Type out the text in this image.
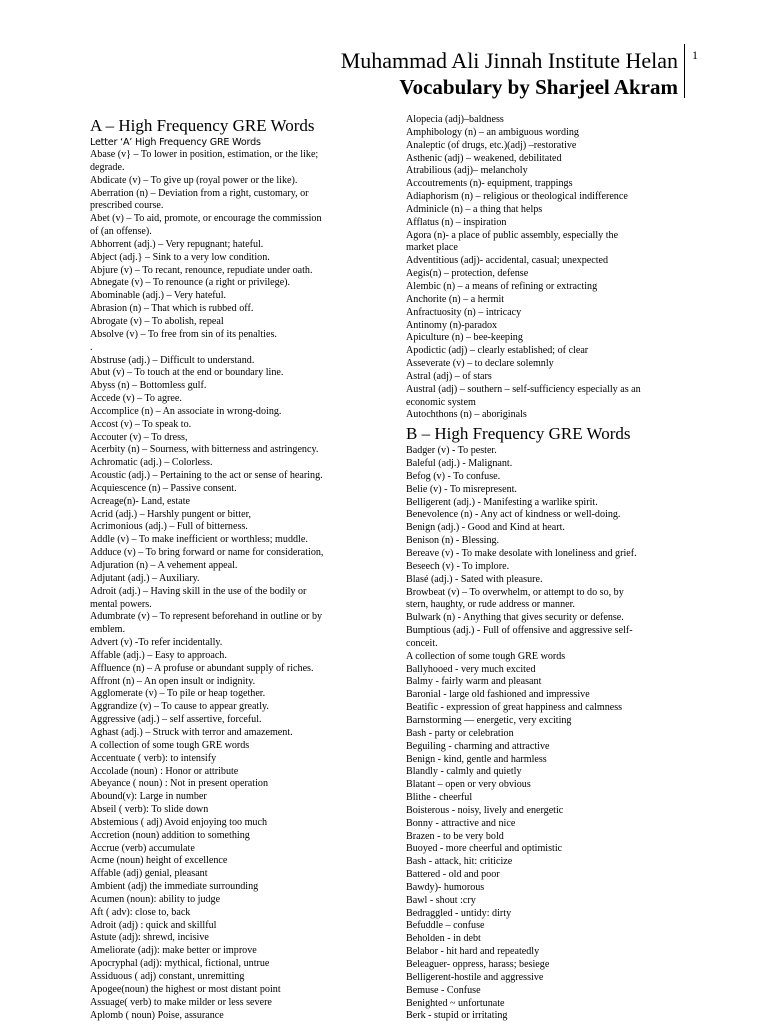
Muhammad Ali Jinnah Institute Helan
Vocabulary by Sharjeel Akram
1
A – High Frequency GRE Words
Letter ‘A’ High Frequency GRE Words
Abase (v} – To lower in position, estimation, or the like;
degrade.
Abdicate (v) – To give up (royal power or the like).
Aberration (n) – Deviation from a right, customary, or
prescribed course.
Abet (v) – To aid, promote, or encourage the commission
of (an offense).
Abhorrent (adj.) – Very repugnant; hateful.
Abject (adj.} – Sink to a very low condition.
Abjure (v) – To recant, renounce, repudiate under oath.
Abnegate (v) – To renounce (a right or privilege).
Abominable (adj.) – Very hateful.
Abrasion (n) – That which is rubbed off.
Abrogate (v) – To abolish, repeal
Absolve (v) – To free from sin of its penalties.
.
Abstruse (adj.) – Difficult to understand.
Abut (v) – To touch at the end or boundary line.
Abyss (n) – Bottomless gulf.
Accede (v) – To agree.
Accomplice (n) – An associate in wrong-doing.
Accost (v) – To speak to.
Accouter (v) – To dress,
Acerbity (n) – Sourness, with bitterness and astringency.
Achromatic (adj.) – Colorless.
Acoustic (adj.) – Pertaining to the act or sense of hearing.
Acquiescence (n) – Passive consent.
Acreage(n)- Land, estate
Acrid (adj.) – Harshly pungent or bitter,
Acrimonious (adj.) – Full of bitterness.
Addle (v) – To make inefficient or worthless; muddle.
Adduce (v) – To bring forward or name for consideration,
Adjuration (n) – A vehement appeal.
Adjutant (adj.) – Auxiliary.
Adroit (adj.) – Having skill in the use of the bodily or
mental powers.
Adumbrate (v) – To represent beforehand in outline or by
emblem.
Advert (v) -To refer incidentally.
Affable (adj.) – Easy to approach.
Affluence (n) – A profuse or abundant supply of riches.
Affront (n) – An open insult or indignity.
Agglomerate (v) – To pile or heap together.
Aggrandize (v) – To cause to appear greatly.
Aggressive (adj.) – self assertive, forceful.
Aghast (adj.) – Struck with terror and amazement.
A collection of some tough GRE words
Accentuate ( verb): to intensify
Accolade (noun) : Honor or attribute
Abeyance ( noun) : Not in present operation
Abound(v): Large in number
Abseil ( verb): To slide down
Abstemious ( adj) Avoid enjoying too much
Accretion (noun) addition to something
Accrue (verb) accumulate
Acme (noun) height of excellence
Affable (adj) genial, pleasant
Ambient (adj) the immediate surrounding
Acumen (noun): ability to judge
Aft ( adv): close to, back
Adroit (adj) : quick and skillful
Astute (adj): shrewd, incisive
Ameliorate (adj): make better or improve
Apocryphal (adj): mythical, fictional, untrue
Assiduous ( adj) constant, unremitting
Apogee(noun) the highest or most distant point
Assuage( verb) to make milder or less severe
Aplomb ( noun) Poise, assurance
Alopecia (adj)–baldness
Amphibology (n) – an ambiguous wording
Analeptic (of drugs, etc.)(adj) –restorative
Asthenic (adj) – weakened, debilitated
Atrabilious (adj)– melancholy
Accoutrements (n)- equipment, trappings
Adiaphorism (n) – religious or theological indifference
Adminicle (n) – a thing that helps
Afflatus (n) – inspiration
Agora (n)- a place of public assembly, especially the
market place
Adventitious (adj)- accidental, casual; unexpected
Aegis(n) – protection, defense
Alembic (n) – a means of refining or extracting
Anchorite (n) – a hermit
Anfractuosity (n) – intricacy
Antinomy (n)-paradox
Apiculture (n) – bee-keeping
Apodictic (adj) – clearly established; of clear
Asseverate (v) – to declare solemnly
Astral (adj) – of stars
Austral (adj) – southern – self-sufficiency especially as an
economic system
Autochthons (n) – aboriginals
B – High Frequency GRE Words
Badger (v) - To pester.
Baleful (adj.) - Malignant.
Befog (v) - To confuse.
Belie (v) - To misrepresent.
Belligerent (adj.) - Manifesting a warlike spirit.
Benevolence (n) - Any act of kindness or well-doing.
Benign (adj.) - Good and Kind at heart.
Benison (n) - Blessing.
Bereave (v) - To make desolate with loneliness and grief.
Beseech (v) - To implore.
Blasé (adj.) - Sated with pleasure.
Browbeat (v) – To overwhelm, or attempt to do so, by
stern, haughty, or rude address or manner.
Bulwark (n) - Anything that gives security or defense.
Bumptious (adj.) - Full of offensive and aggressive self-
conceit.
A collection of some tough GRE words
Ballyhooed - very much excited
Balmy - fairly warm and pleasant
Baronial - large old fashioned and impressive
Beatific - expression of great happiness and calmness
Barnstorming –– energetic, very exciting
Bash - party or celebration
Beguiling - charming and attractive
Benign - kind, gentle and harmless
Blandly - calmly and quietly
Blatant – open or very obvious
Blithe - cheerful
Boisterous - noisy, lively and energetic
Bonny - attractive and nice
Brazen - to be very bold
Buoyed - more cheerful and optimistic
Bash - attack, hit: criticize
Battered - old and poor
Bawdy)- humorous
Bawl - shout :cry
Bedraggled - untidy: dirty
Befuddle – confuse
Beholden - in debt
Belabor - hit hard and repeatedly
Beleaguer- oppress, harass; besiege
Belligerent-hostile and aggressive
Bemuse - Confuse
Benighted ~ unfortunate
Berk - stupid or irritating
